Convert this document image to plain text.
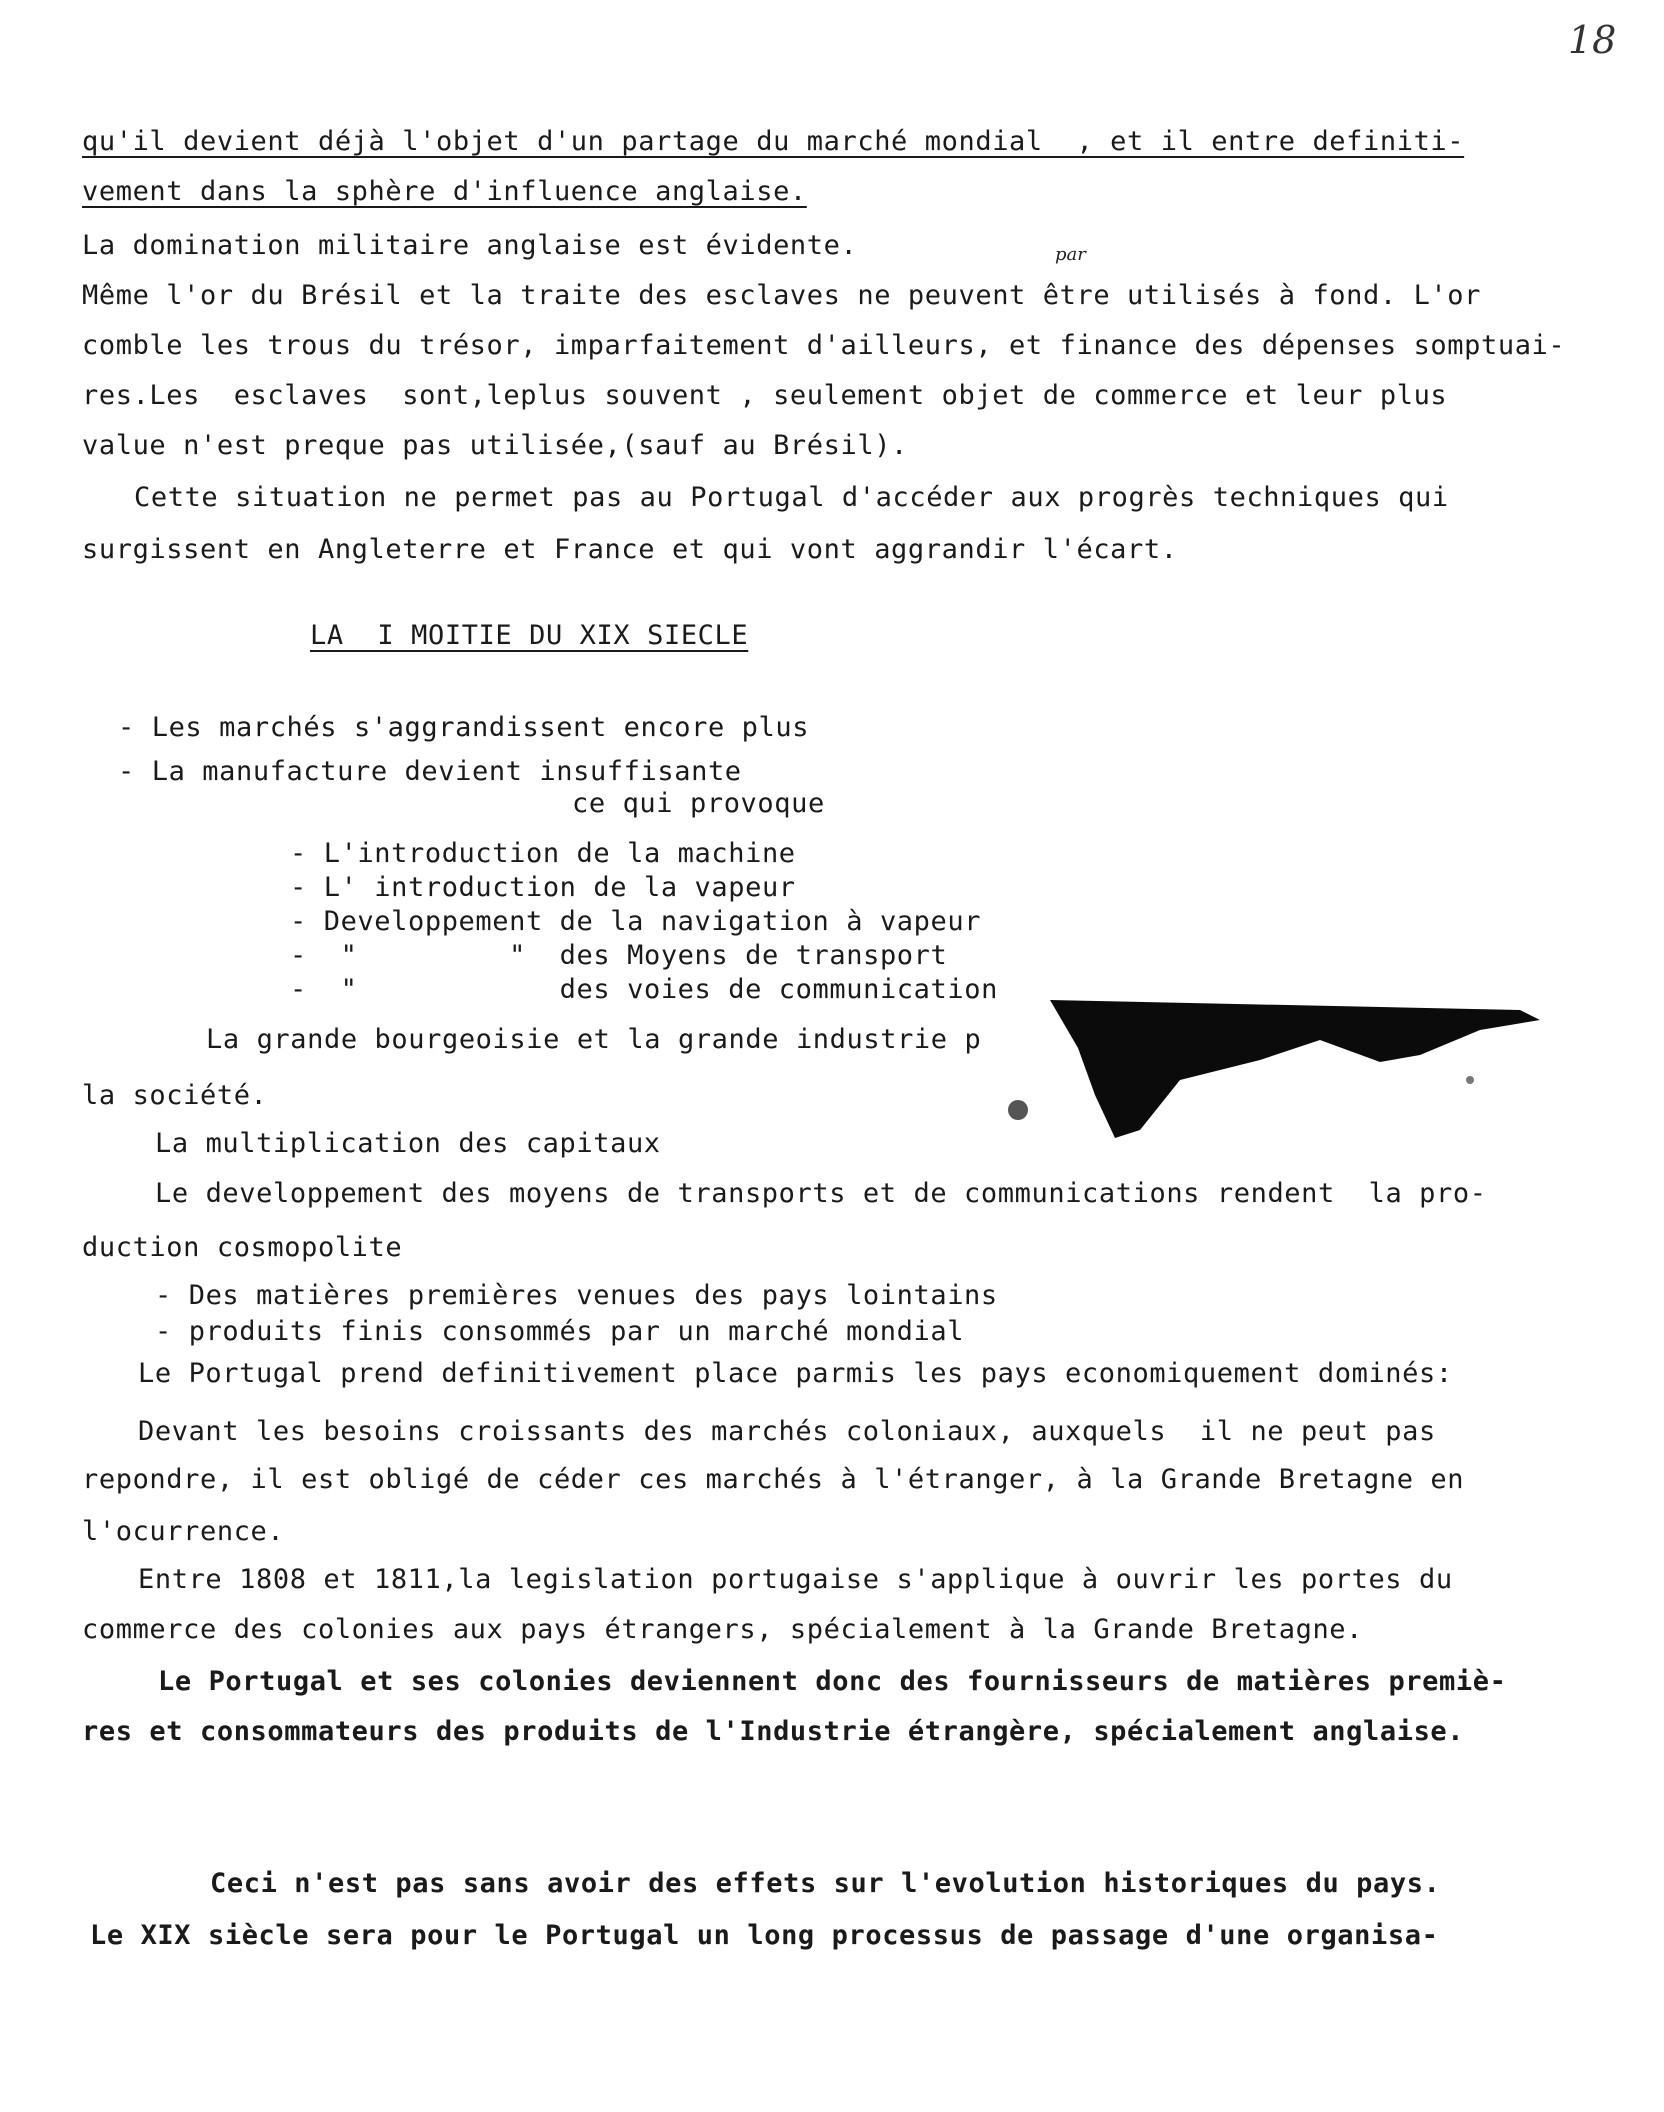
18
par
qu'il devient déjà l'objet d'un partage du marché mondial  , et il entre definiti-
vement dans la sphère d'influence anglaise.
La domination militaire anglaise est évidente.
Même l'or du Brésil et la traite des esclaves ne peuvent être utilisés à fond. L'or
comble les trous du trésor, imparfaitement d'ailleurs, et finance des dépenses somptuai-
res.Les  esclaves  sont,leplus souvent , seulement objet de commerce et leur plus
value n'est preque pas utilisée,(sauf au Brésil).
Cette situation ne permet pas au Portugal d'accéder aux progrès techniques qui
surgissent en Angleterre et France et qui vont aggrandir l'écart.
LA  I MOITIE DU XIX SIECLE
- Les marchés s'aggrandissent encore plus
- La manufacture devient insuffisante
ce qui provoque
- L'introduction de la machine
- L' introduction de la vapeur
- Developpement de la navigation à vapeur
-  "         "  des Moyens de transport
-  "            des voies de communication
La grande bourgeoisie et la grande industrie p
la société.
La multiplication des capitaux
Le developpement des moyens de transports et de communications rendent  la pro-
duction cosmopolite
- Des matières premières venues des pays lointains
- produits finis consommés par un marché mondial
Le Portugal prend definitivement place parmis les pays economiquement dominés:
Devant les besoins croissants des marchés coloniaux, auxquels  il ne peut pas
repondre, il est obligé de céder ces marchés à l'étranger, à la Grande Bretagne en
l'ocurrence.
Entre 1808 et 1811,la legislation portugaise s'applique à ouvrir les portes du
commerce des colonies aux pays étrangers, spécialement à la Grande Bretagne.
Le Portugal et ses colonies deviennent donc des fournisseurs de matières premiè-
res et consommateurs des produits de l'Industrie étrangère, spécialement anglaise.
Ceci n'est pas sans avoir des effets sur l'evolution historiques du pays.
Le XIX siècle sera pour le Portugal un long processus de passage d'une organisa-
